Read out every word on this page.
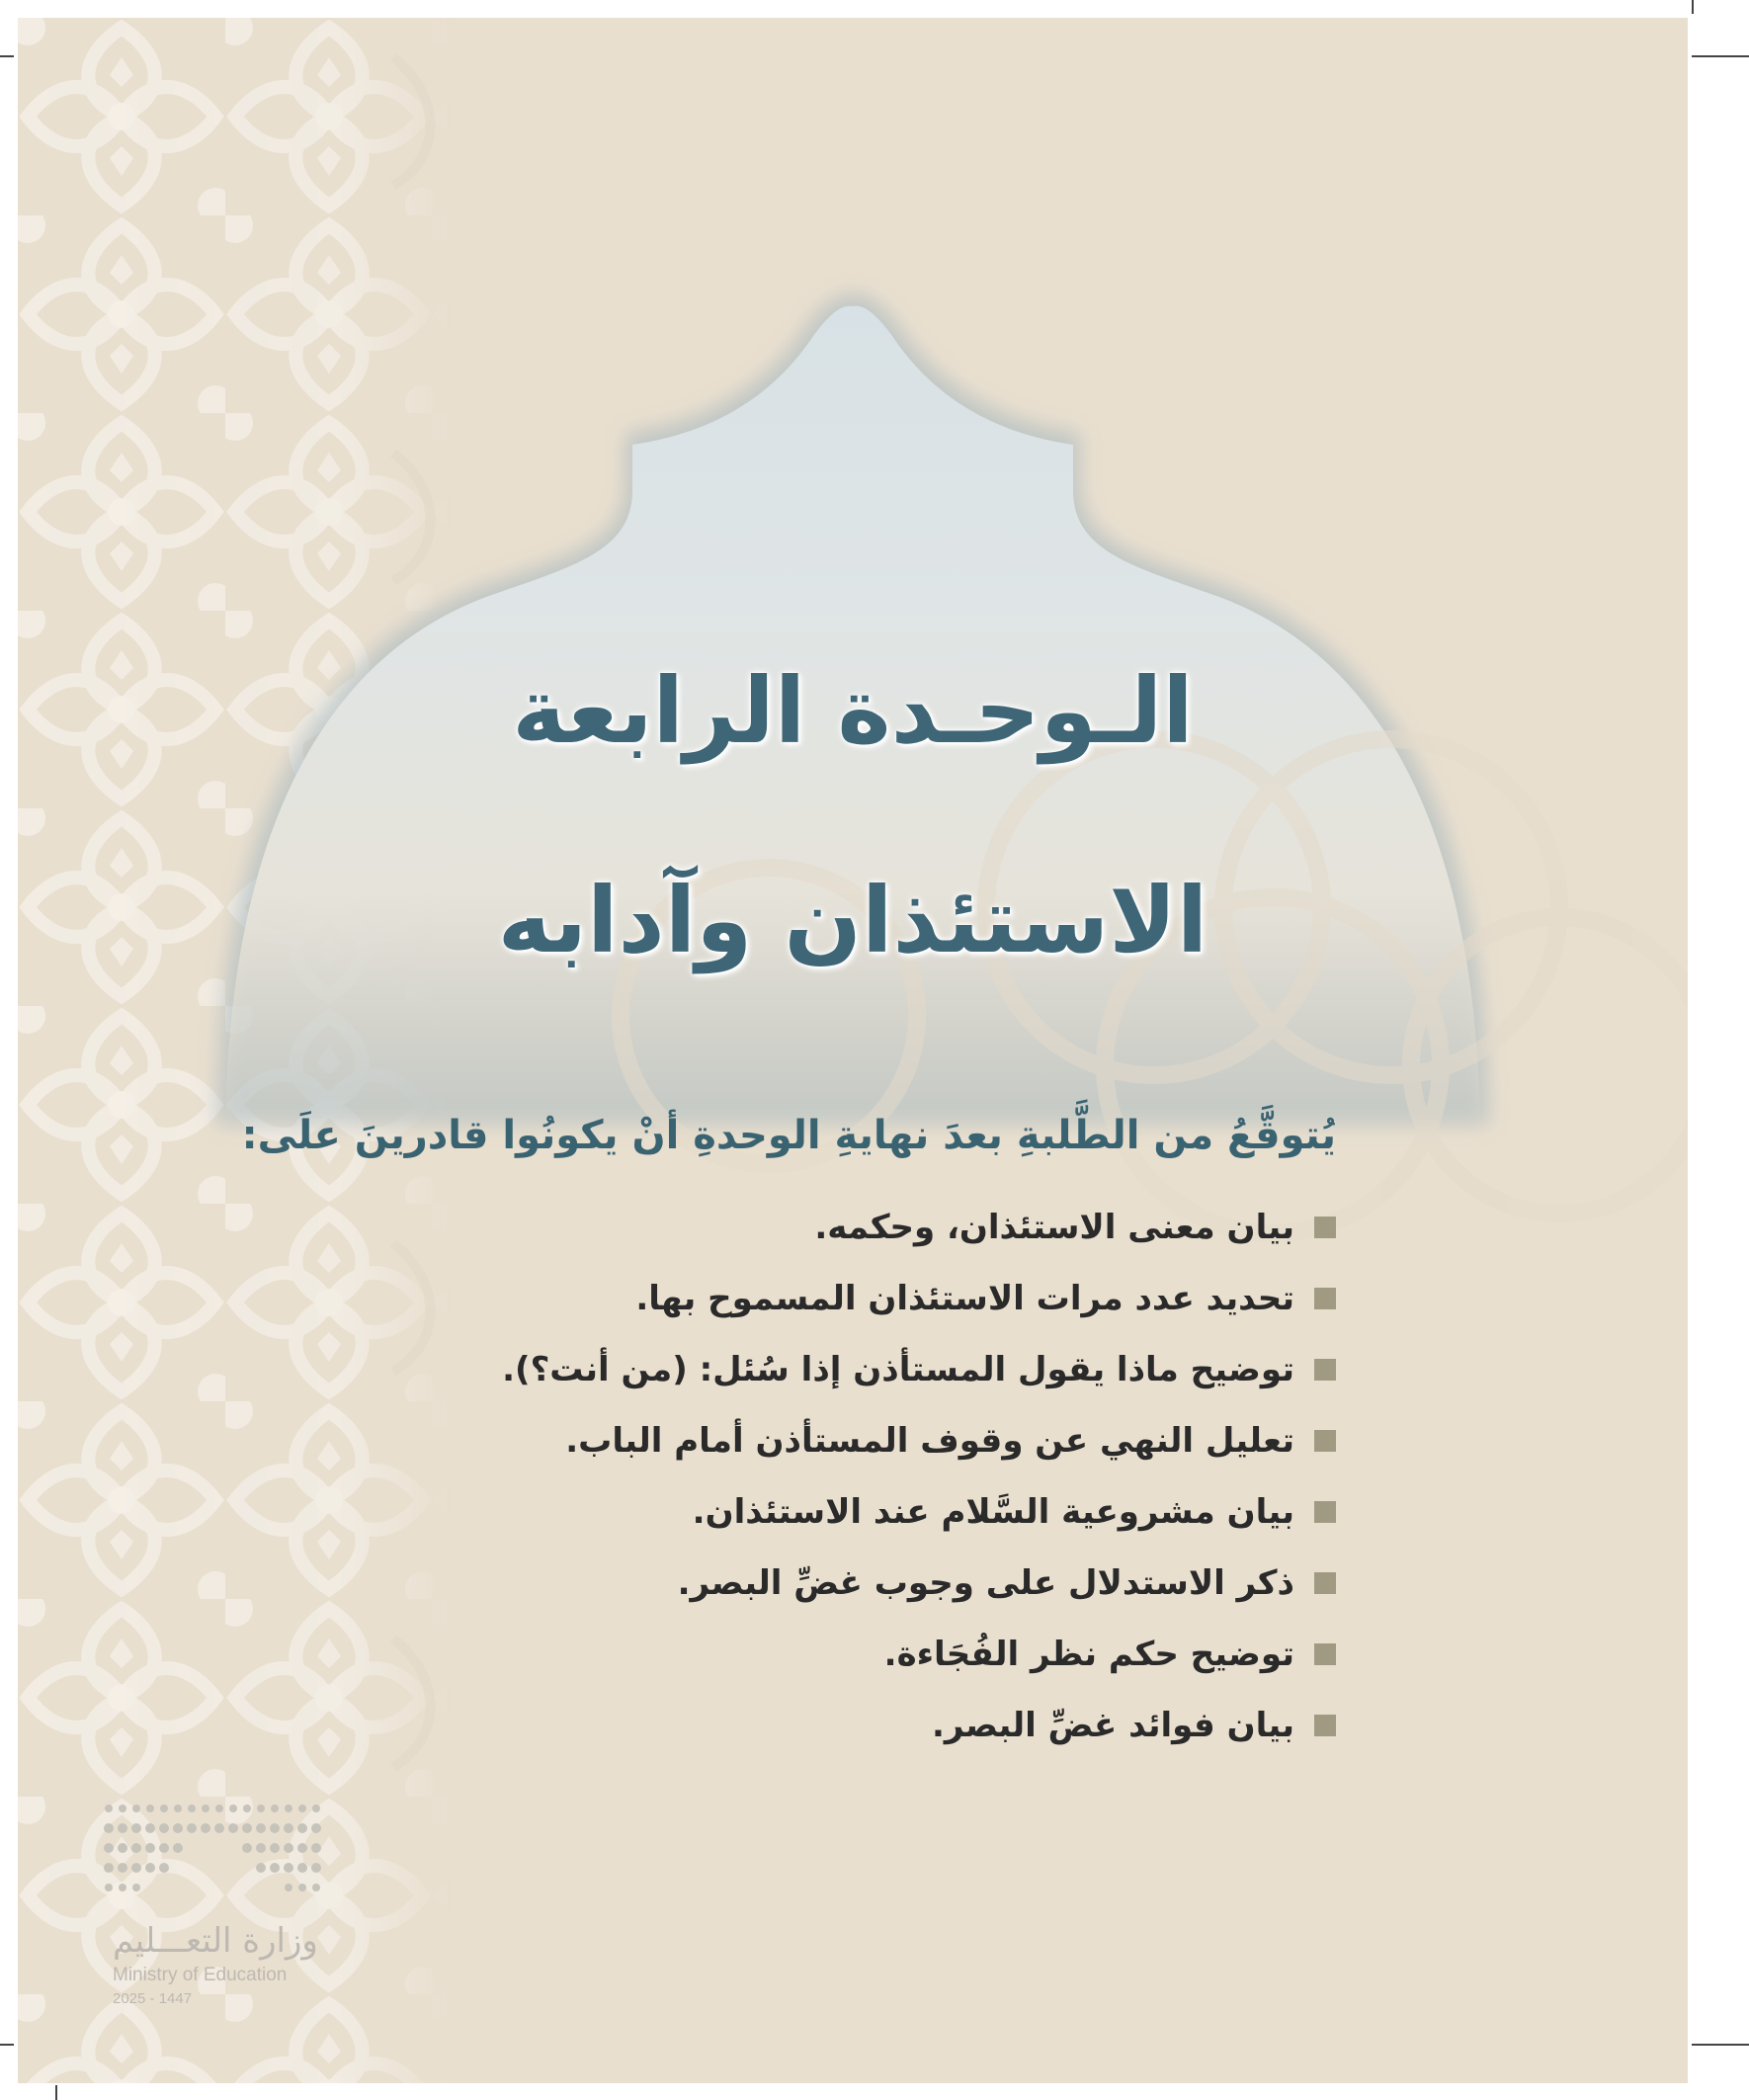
الـوحـدة الرابعة
الاستئذان وآدابه
يُتوقَّعُ من الطَّلبةِ بعدَ نهايةِ الوحدةِ أنْ يكونُوا قادرينَ علَى:
بيان معنى الاستئذان، وحكمه.
تحديد عدد مرات الاستئذان المسموح بها.
توضيح ماذا يقول المستأذن إذا سُئل: (من أنت؟).
تعليل النهي عن وقوف المستأذن أمام الباب.
بيان مشروعية السَّلام عند الاستئذان.
ذكر الاستدلال على وجوب غضِّ البصر.
توضيح حكم نظر الفُجَاءة.
بيان فوائد غضِّ البصر.
وزارة التعـــليم
Ministry of Education
2025 - 1447
